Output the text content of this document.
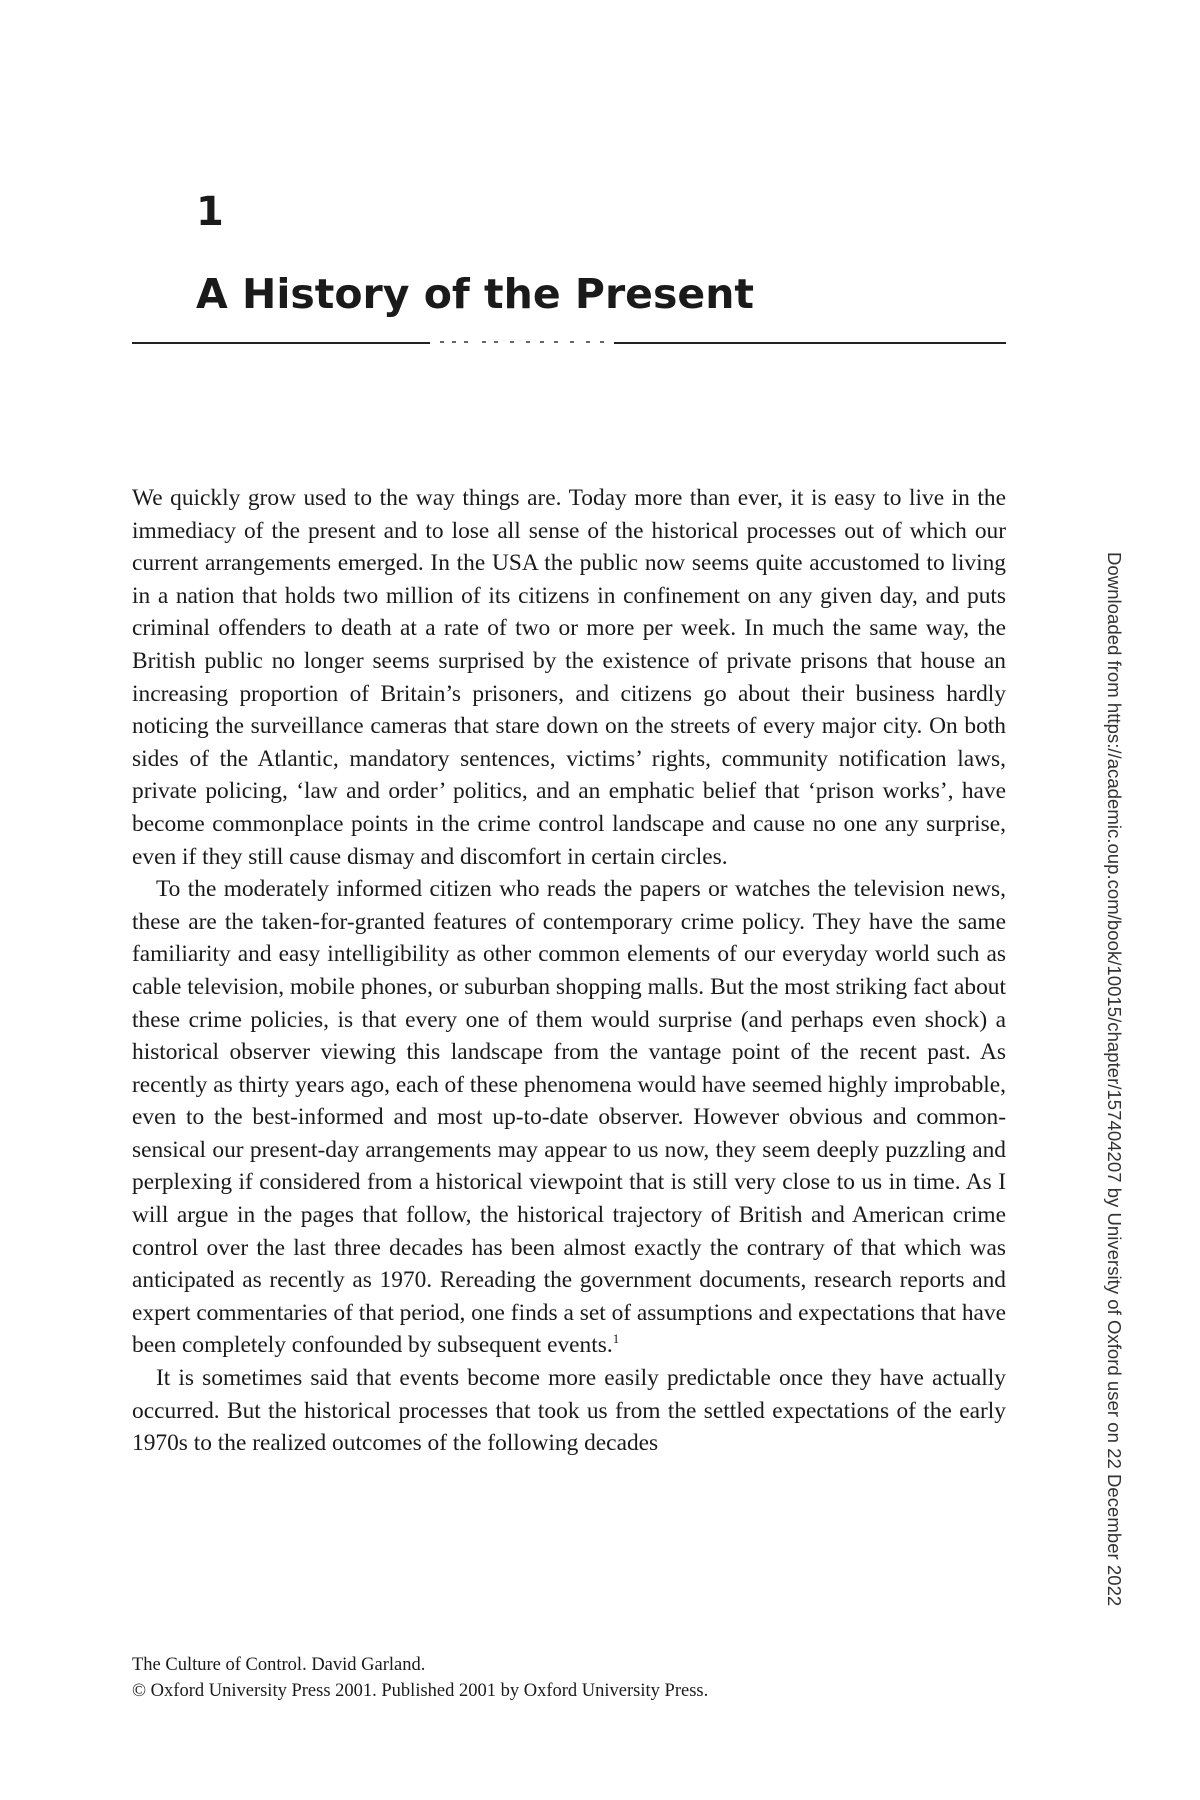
1
A History of the Present

We quickly grow used to the way things are. Today more than ever, it is easy to live in the immediacy of the present and to lose all sense of the historical processes out of which our current arrangements emerged. In the USA the public now seems quite accustomed to living in a nation that holds two million of its citizens in confinement on any given day, and puts criminal offenders to death at a rate of two or more per week. In much the same way, the British public no longer seems surprised by the existence of private prisons that house an increasing proportion of Britain’s prisoners, and citizens go about their business hardly noticing the surveillance cameras that stare down on the streets of every major city. On both sides of the Atlantic, mandatory sentences, victims’ rights, community notification laws, private policing, ‘law and order’ politics, and an emphatic belief that ‘prison works’, have become commonplace points in the crime control landscape and cause no one any surprise, even if they still cause dismay and discomfort in certain circles.

To the moderately informed citizen who reads the papers or watches the television news, these are the taken-for-granted features of contemporary crime policy. They have the same familiarity and easy intelligibility as other common elements of our everyday world such as cable television, mobile phones, or suburban shopping malls. But the most striking fact about these crime policies, is that every one of them would surprise (and perhaps even shock) a historical observer viewing this landscape from the vantage point of the recent past. As recently as thirty years ago, each of these phenomena would have seemed highly improbable, even to the best-informed and most up-to-date observer. However obvious and common-sensical our present-day arrangements may appear to us now, they seem deeply puzzling and perplexing if considered from a historical viewpoint that is still very close to us in time. As I will argue in the pages that follow, the historical trajectory of British and American crime control over the last three decades has been almost exactly the contrary of that which was anticipated as recently as 1970. Rereading the government documents, research reports and expert commentaries of that period, one finds a set of assumptions and expectations that have been completely confounded by subsequent events.$^1$

It is sometimes said that events become more easily predictable once they have actually occurred. But the historical processes that took us from the settled expectations of the early 1970s to the realized outcomes of the following decades

The Culture of Control. David Garland.
© Oxford University Press 2001. Published 2001 by Oxford University Press.
Downloaded from https://academic.oup.com/book/10015/chapter/157404207 by University of Oxford user on 22 December 2022
